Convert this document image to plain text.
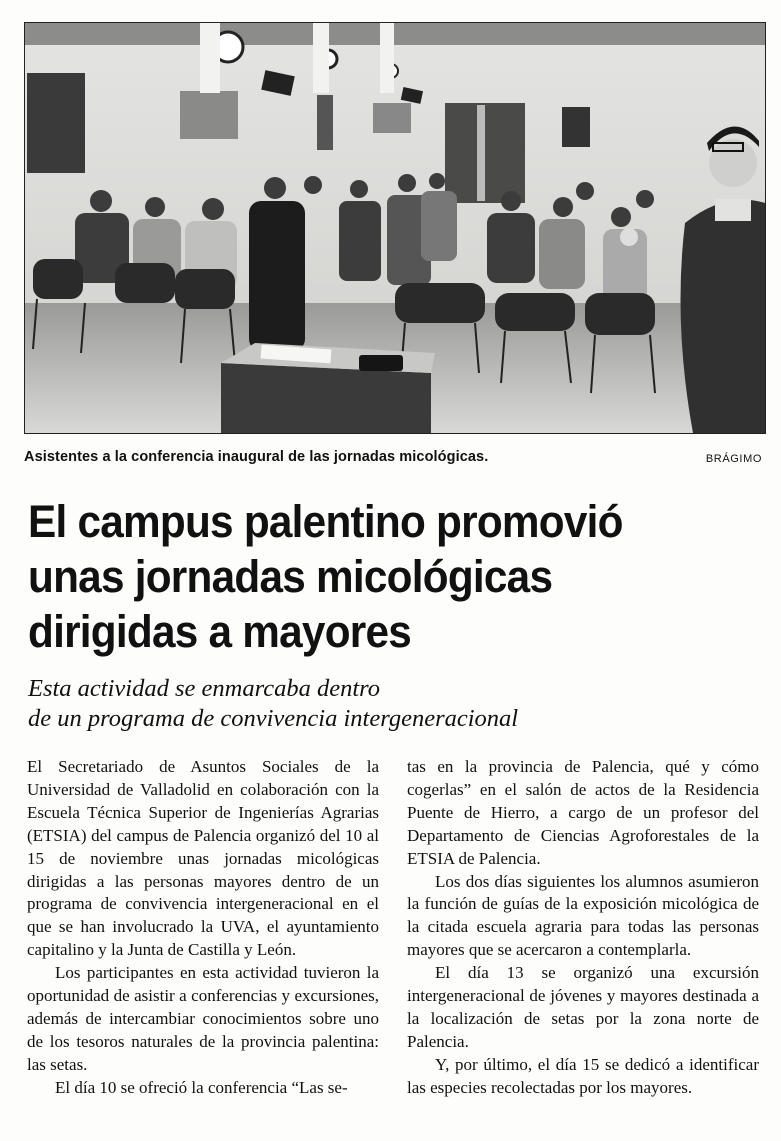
Asistentes a la conferencia inaugural de las jornadas micológicas.	BRÁGIMO
El campus palentino promovió
unas jornadas micológicas
dirigidas a mayores
Esta actividad se enmarcaba dentro
de un programa de convivencia intergeneracional

El Secretariado de Asuntos Sociales de la Universidad de Valladolid en colaboración con la Escuela Técnica Superior de Ingenierías Agrarias (ETSIA) del campus de Palencia organizó del 10 al 15 de noviembre unas jornadas micológicas dirigidas a las personas mayores dentro de un programa de convivencia intergeneracional en el que se han involucrado la UVA, el ayuntamiento capitalino y la Junta de Castilla y León.

Los participantes en esta actividad tuvieron la oportunidad de asistir a conferencias y excursiones, además de intercambiar conocimientos sobre uno de los tesoros naturales de la provincia palentina: las setas.

El día 10 se ofreció la conferencia “Las se-

tas en la provincia de Palencia, qué y cómo cogerlas” en el salón de actos de la Residencia Puente de Hierro, a cargo de un profesor del Departamento de Ciencias Agroforestales de la ETSIA de Palencia.

Los dos días siguientes los alumnos asumieron la función de guías de la exposición micológica de la citada escuela agraria para todas las personas mayores que se acercaron a contemplarla.

El día 13 se organizó una excursión intergeneracional de jóvenes y mayores destinada a la localización de setas por la zona norte de Palencia.

Y, por último, el día 15 se dedicó a identificar las especies recolectadas por los mayores.
